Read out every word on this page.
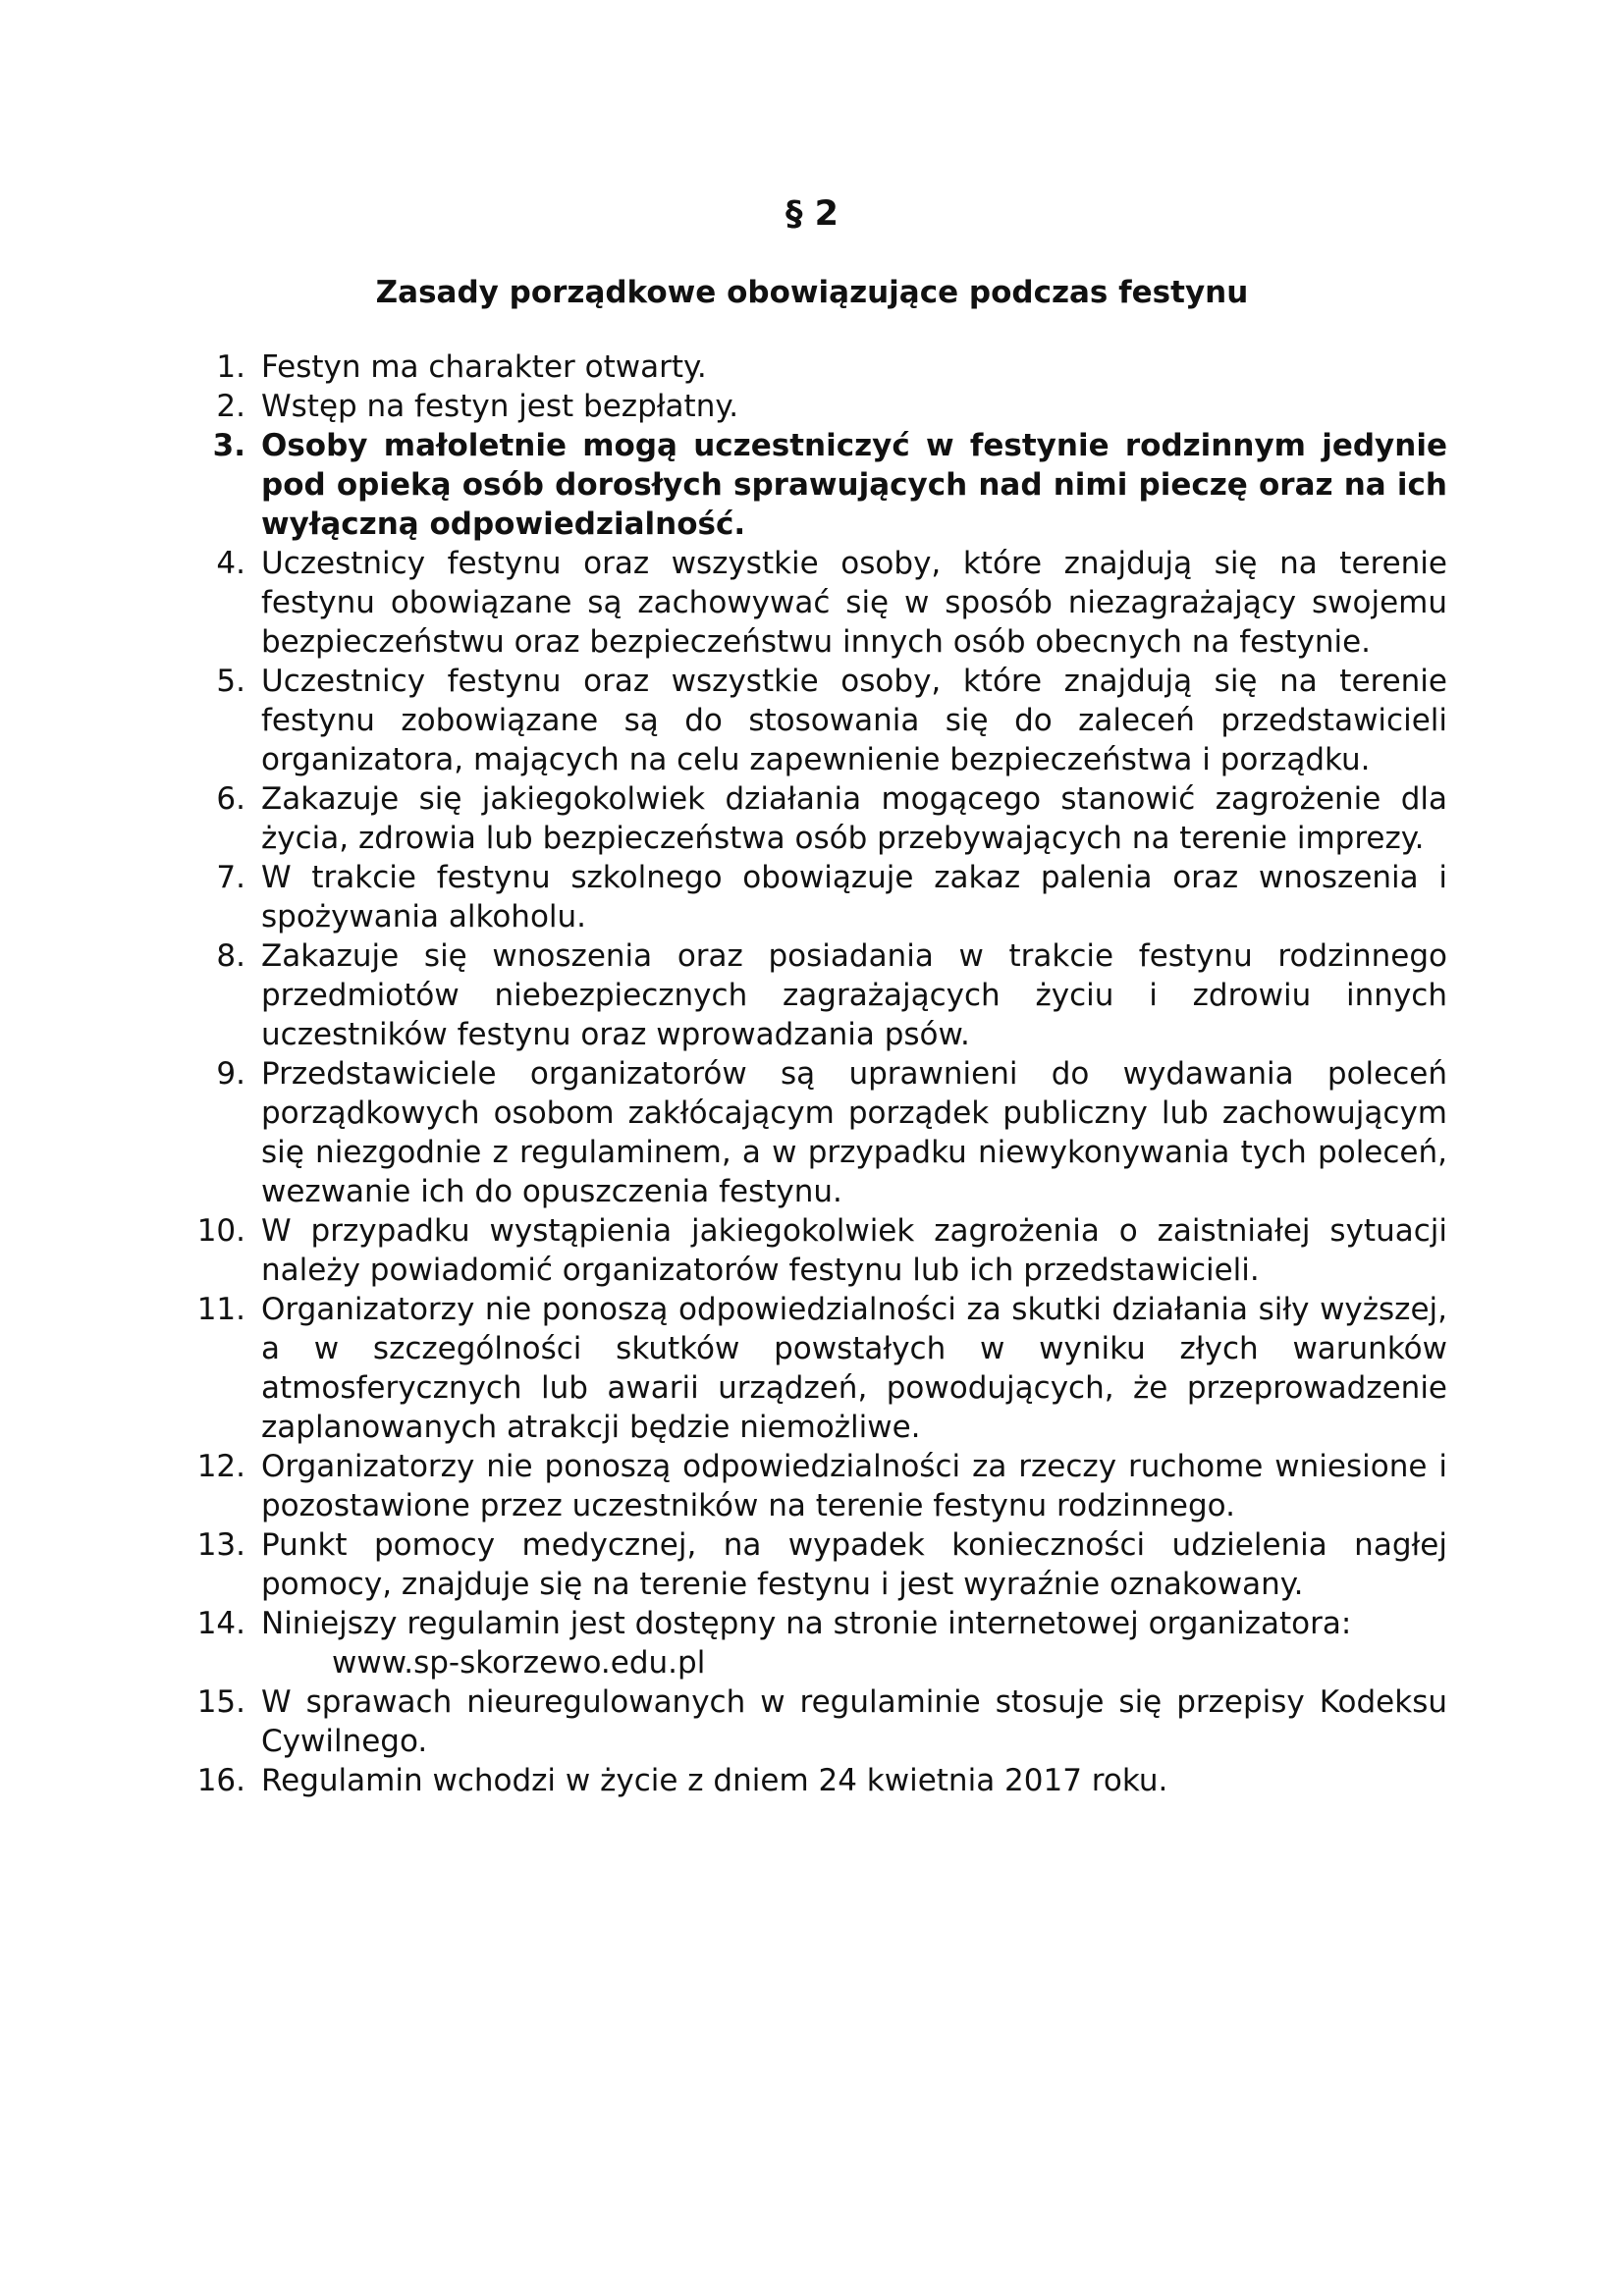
§ 2
Zasady porządkowe obowiązujące podczas festynu
1. Festyn ma charakter otwarty.
2. Wstęp na festyn jest bezpłatny.
3. Osoby małoletnie mogą uczestniczyć w festynie rodzinnym jedynie pod opieką osób dorosłych sprawujących nad nimi pieczę oraz na ich wyłączną odpowiedzialność.
4. Uczestnicy festynu oraz wszystkie osoby, które znajdują się na terenie festynu obowiązane są zachowywać się w sposób niezagrażający swojemu bezpieczeństwu oraz bezpieczeństwu innych osób obecnych na festynie.
5. Uczestnicy festynu oraz wszystkie osoby, które znajdują się na terenie festynu zobowiązane są do stosowania się do zaleceń przedstawicieli organizatora, mających na celu zapewnienie bezpieczeństwa i porządku.
6. Zakazuje się jakiegokolwiek działania mogącego stanowić zagrożenie dla życia, zdrowia lub bezpieczeństwa osób przebywających na terenie imprezy.
7. W trakcie festynu szkolnego obowiązuje zakaz palenia oraz wnoszenia i spożywania alkoholu.
8. Zakazuje się wnoszenia oraz posiadania w trakcie festynu rodzinnego przedmiotów niebezpiecznych zagrażających życiu i zdrowiu innych uczestników festynu oraz wprowadzania psów.
9. Przedstawiciele organizatorów są uprawnieni do wydawania poleceń porządkowych osobom zakłócającym porządek publiczny lub zachowującym się niezgodnie z regulaminem, a w przypadku niewykonywania tych poleceń, wezwanie ich do opuszczenia festynu.
10. W przypadku wystąpienia jakiegokolwiek zagrożenia o zaistniałej sytuacji należy powiadomić organizatorów festynu lub ich przedstawicieli.
11. Organizatorzy nie ponoszą odpowiedzialności za skutki działania siły wyższej, a w szczególności skutków powstałych w wyniku złych warunków atmosferycznych lub awarii urządzeń, powodujących, że przeprowadzenie zaplanowanych atrakcji będzie niemożliwe.
12. Organizatorzy nie ponoszą odpowiedzialności za rzeczy ruchome wniesione i pozostawione przez uczestników na terenie festynu rodzinnego.
13. Punkt pomocy medycznej, na wypadek konieczności udzielenia nagłej pomocy, znajduje się na terenie festynu i jest wyraźnie oznakowany.
14. Niniejszy regulamin jest dostępny na stronie internetowej organizatora:
www.sp-skorzewo.edu.pl
15. W sprawach nieuregulowanych w regulaminie stosuje się przepisy Kodeksu Cywilnego.
16. Regulamin wchodzi w życie z dniem 24 kwietnia 2017 roku.
